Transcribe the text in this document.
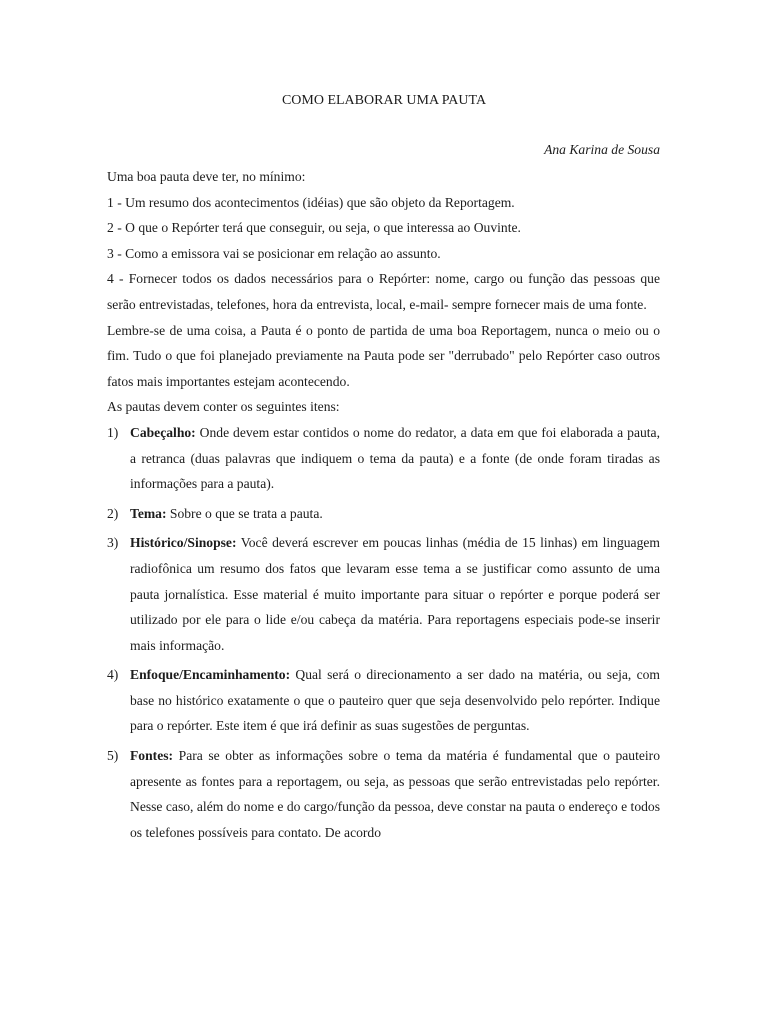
COMO ELABORAR UMA PAUTA
Ana Karina de Sousa

Uma boa pauta deve ter, no mínimo:

1 - Um resumo dos acontecimentos (idéias) que são objeto da Reportagem.

2 - O que o Repórter terá que conseguir, ou seja, o que interessa ao Ouvinte.

3 - Como a emissora vai se posicionar em relação ao assunto.

4 - Fornecer todos os dados necessários para o Repórter: nome, cargo ou função das pessoas que serão entrevistadas, telefones, hora da entrevista, local, e-mail- sempre fornecer mais de uma fonte.

Lembre-se de uma coisa, a Pauta é o ponto de partida de uma boa Reportagem, nunca o meio ou o fim. Tudo o que foi planejado previamente na Pauta pode ser "derrubado" pelo Repórter caso outros fatos mais importantes estejam acontecendo.

As pautas devem conter os seguintes itens:

1) Cabeçalho: Onde devem estar contidos o nome do redator, a data em que foi elaborada a pauta, a retranca (duas palavras que indiquem o tema da pauta) e a fonte (de onde foram tiradas as informações para a pauta).
2) Tema: Sobre o que se trata a pauta.
3) Histórico/Sinopse: Você deverá escrever em poucas linhas (média de 15 linhas) em linguagem radiofônica um resumo dos fatos que levaram esse tema a se justificar como assunto de uma pauta jornalística. Esse material é muito importante para situar o repórter e porque poderá ser utilizado por ele para o lide e/ou cabeça da matéria. Para reportagens especiais pode-se inserir mais informação.
4) Enfoque/Encaminhamento: Qual será o direcionamento a ser dado na matéria, ou seja, com base no histórico exatamente o que o pauteiro quer que seja desenvolvido pelo repórter. Indique para o repórter. Este item é que irá definir as suas sugestões de perguntas.
5) Fontes: Para se obter as informações sobre o tema da matéria é fundamental que o pauteiro apresente as fontes para a reportagem, ou seja, as pessoas que serão entrevistadas pelo repórter. Nesse caso, além do nome e do cargo/função da pessoa, deve constar na pauta o endereço e todos os telefones possíveis para contato. De acordo
